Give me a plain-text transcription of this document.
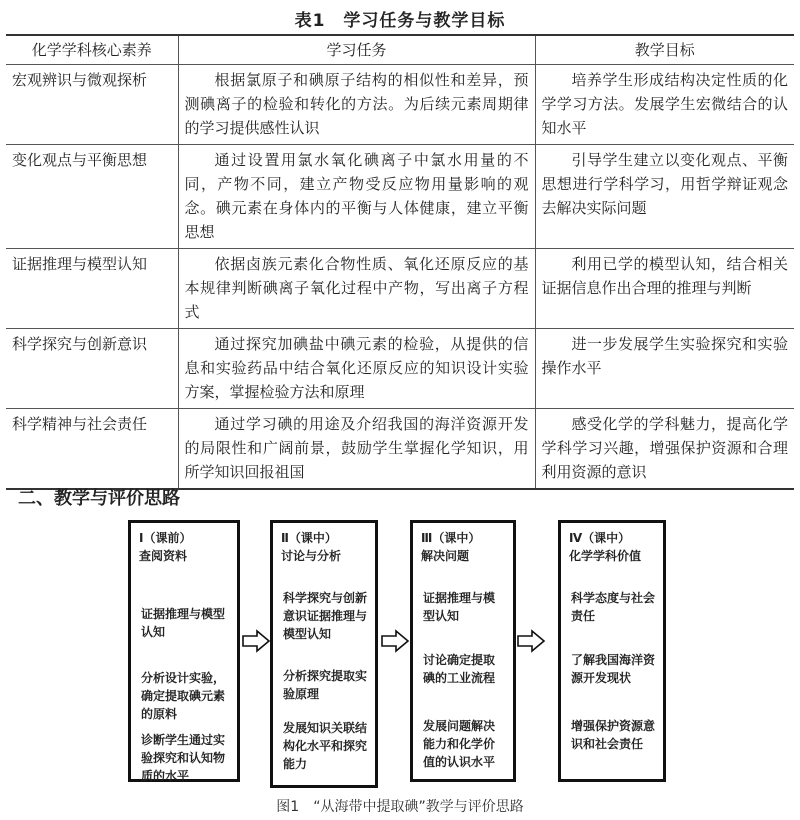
表1　学习任务与教学目标
化学学科核心素养	学习任务	教学目标
宏观辨识与微观探析	根据氯原子和碘原子结构的相似性和差异，预测碘离子的检验和转化的方法。为后续元素周期律的学习提供感性认识	培养学生形成结构决定性质的化学学习方法。发展学生宏微结合的认知水平
变化观点与平衡思想	通过设置用氯水氧化碘离子中氯水用量的不同，产物不同，建立产物受反应物用量影响的观念。碘元素在身体内的平衡与人体健康，建立平衡思想	引导学生建立以变化观点、平衡思想进行学科学习，用哲学辩证观念去解决实际问题
证据推理与模型认知	依据卤族元素化合物性质、氧化还原反应的基本规律判断碘离子氧化过程中产物，写出离子方程式	利用已学的模型认知，结合相关证据信息作出合理的推理与判断
科学探究与创新意识	通过探究加碘盐中碘元素的检验，从提供的信息和实验药品中结合氧化还原反应的知识设计实验方案，掌握检验方法和原理	进一步发展学生实验探究和实验操作水平
科学精神与社会责任	通过学习碘的用途及介绍我国的海洋资源开发的局限性和广阔前景，鼓励学生掌握化学知识，用所学知识回报祖国	感受化学的学科魅力，提高化学学科学习兴趣，增强保护资源和合理利用资源的意识
二、教学与评价思路
Ⅰ（课前）
查阅资料
证据推理与模型认知
分析设计实验，确定提取碘元素的原料
诊断学生通过实验探究和认知物质的水平
Ⅱ（课中）
讨论与分析
科学探究与创新意识证据推理与模型认知
分析探究提取实验原理
发展知识关联结构化水平和探究能力
Ⅲ（课中）
解决问题
证据推理与模型认知
讨论确定提取碘的工业流程
发展问题解决能力和化学价值的认识水平
Ⅳ（课中）
化学学科价值
科学态度与社会责任
了解我国海洋资源开发现状
增强保护资源意识和社会责任
图1　“从海带中提取碘”教学与评价思路
